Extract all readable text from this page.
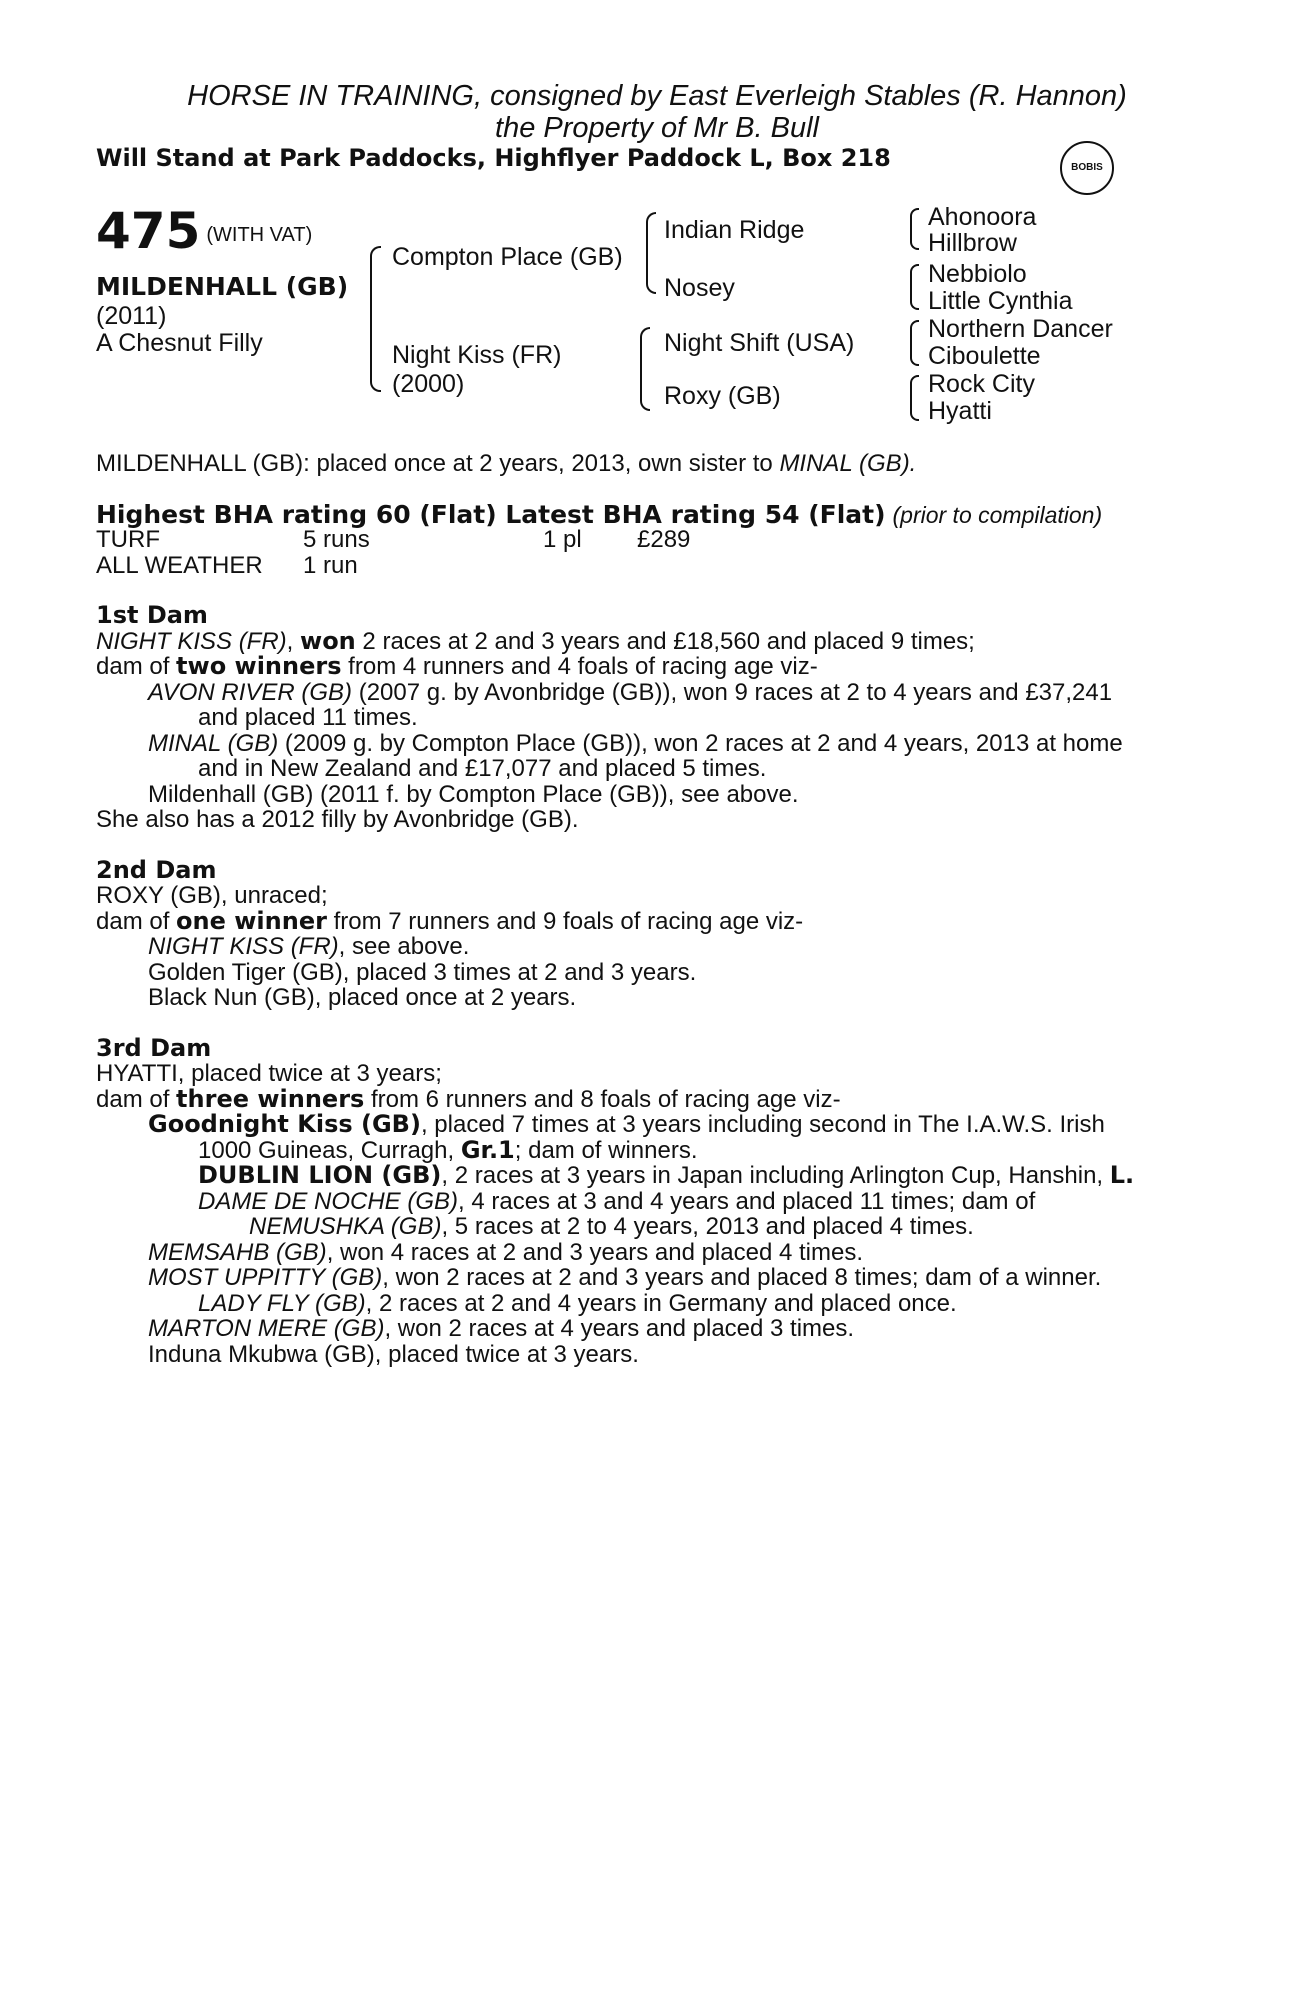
HORSE IN TRAINING, consigned by East Everleigh Stables (R. Hannon)
the Property of Mr B. Bull
Will Stand at Park Paddocks, Highflyer Paddock L, Box 218	BOBIS
475 (WITH VAT)
MILDENHALL (GB)
(2011)
A Chesnut Filly
Compton Place (GB)
Night Kiss (FR)
(2000)
Indian Ridge
Nosey
Night Shift (USA)
Roxy (GB)
Ahonoora
Hillbrow
Nebbiolo
Little Cynthia
Northern Dancer
Ciboulette
Rock City
Hyatti
MILDENHALL (GB): placed once at 2 years, 2013, own sister to MINAL (GB).
Highest BHA rating 60 (Flat) Latest BHA rating 54 (Flat) (prior to compilation)
TURF	5 runs	1 pl £289
ALL WEATHER 1 run
1st Dam
NIGHT KISS (FR), won 2 races at 2 and 3 years and £18,560 and placed 9 times;
dam of two winners from 4 runners and 4 foals of racing age viz-
AVON RIVER (GB) (2007 g. by Avonbridge (GB)), won 9 races at 2 to 4 years and £37,241
and placed 11 times.
MINAL (GB) (2009 g. by Compton Place (GB)), won 2 races at 2 and 4 years, 2013 at home
and in New Zealand and £17,077 and placed 5 times.
Mildenhall (GB) (2011 f. by Compton Place (GB)), see above.
She also has a 2012 filly by Avonbridge (GB).
2nd Dam
ROXY (GB), unraced;
dam of one winner from 7 runners and 9 foals of racing age viz-
NIGHT KISS (FR), see above.
Golden Tiger (GB), placed 3 times at 2 and 3 years.
Black Nun (GB), placed once at 2 years.
3rd Dam
HYATTI, placed twice at 3 years;
dam of three winners from 6 runners and 8 foals of racing age viz-
Goodnight Kiss (GB), placed 7 times at 3 years including second in The I.A.W.S. Irish
1000 Guineas, Curragh, Gr.1; dam of winners.
DUBLIN LION (GB), 2 races at 3 years in Japan including Arlington Cup, Hanshin, L.
DAME DE NOCHE (GB), 4 races at 3 and 4 years and placed 11 times; dam of
NEMUSHKA (GB), 5 races at 2 to 4 years, 2013 and placed 4 times.
MEMSAHB (GB), won 4 races at 2 and 3 years and placed 4 times.
MOST UPPITTY (GB), won 2 races at 2 and 3 years and placed 8 times; dam of a winner.
LADY FLY (GB), 2 races at 2 and 4 years in Germany and placed once.
MARTON MERE (GB), won 2 races at 4 years and placed 3 times.
Induna Mkubwa (GB), placed twice at 3 years.
